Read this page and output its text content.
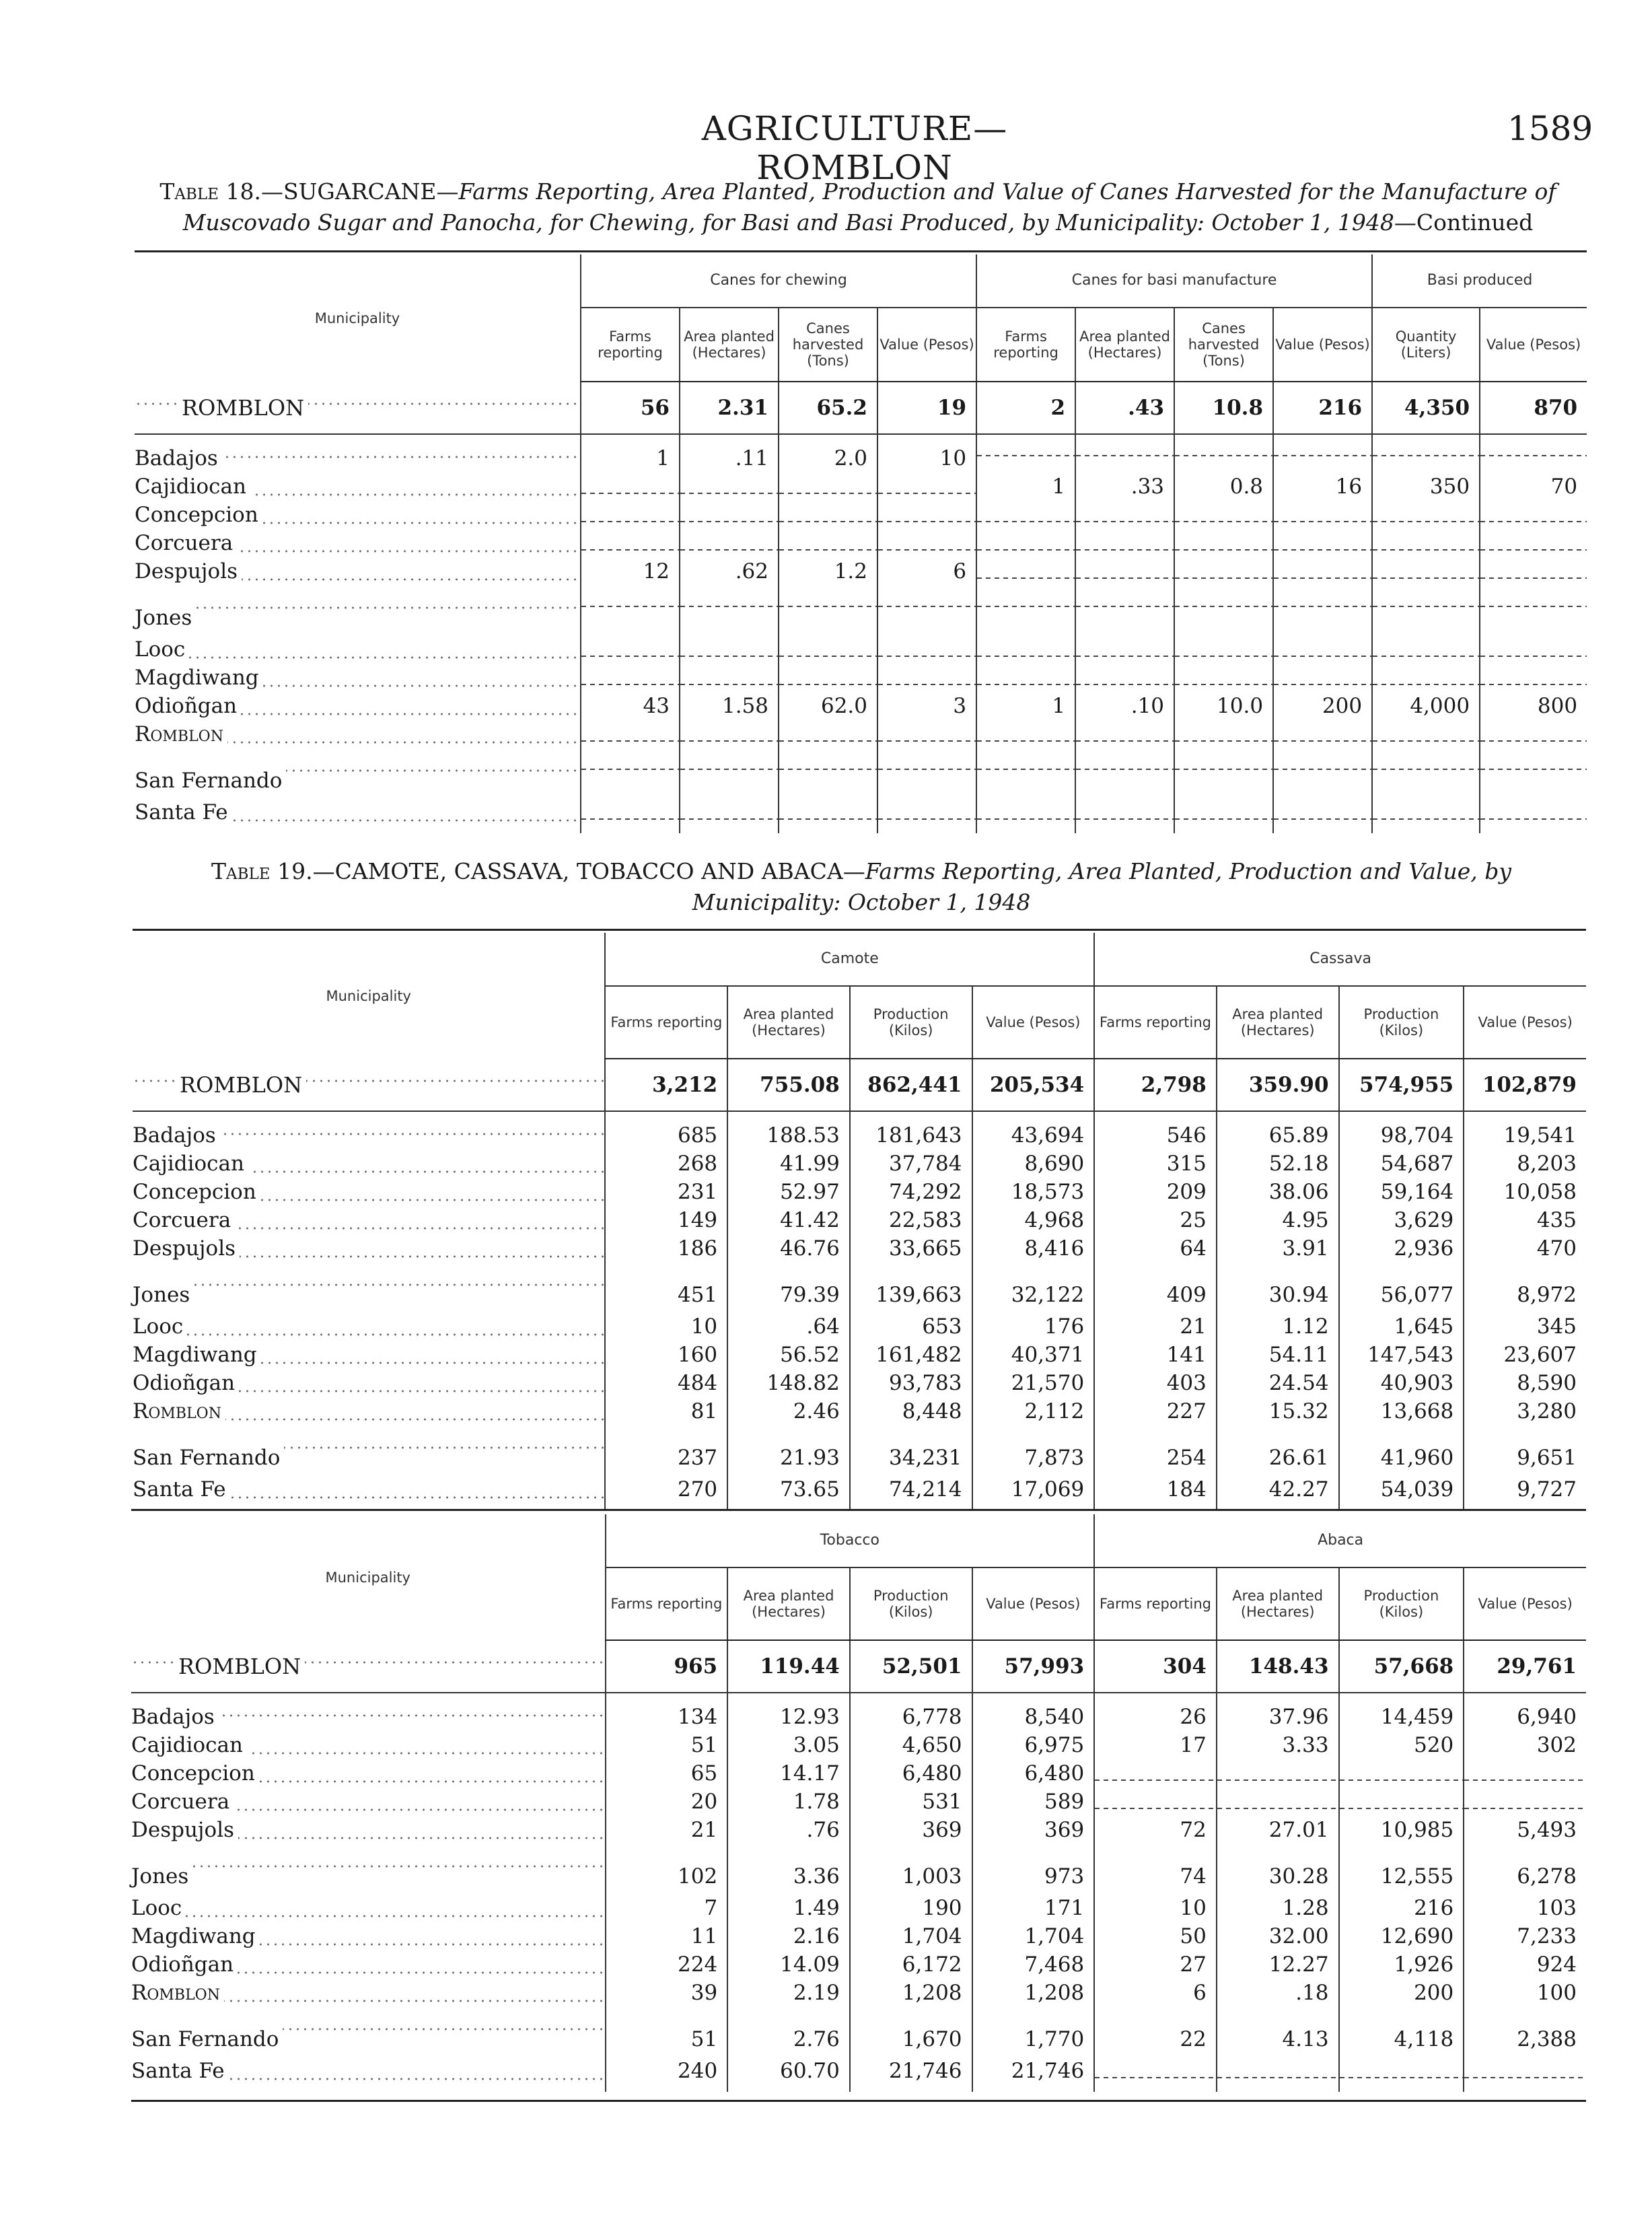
AGRICULTURE—ROMBLON
1589
Table 18.—SUGARCANE—Farms Reporting, Area Planted, Production and Value of Canes Harvested for the Manufacture of Muscovado Sugar and Panocha, for Chewing, for Basi and Basi Produced, by Municipality: October 1, 1948—Continued
Municipality	Canes for chewing				Canes for basi manufacture				Basi produced	
	Farms reporting	Area planted (Hectares)	Canes harvested (Tons)	Value (Pesos)	Farms reporting	Area planted (Hectares)	Canes harvested (Tons)	Value (Pesos)	Quantity (Liters)	Value (Pesos)
ROMBLON	56	2.31	65.2	19	2	.43	10.8	216	4,350	870
Badajos	1	.11	2.0	10						
Cajidiocan					1	.33	0.8	16	350	70
Concepcion										
Corcuera										
Despujols	12	.62	1.2	6						
Jones										
Looc										
Magdiwang										
Odioñgan	43	1.58	62.0	3	1	.10	10.0	200	4,000	800
Romblon										
San Fernando										
Santa Fe										
Table 19.—CAMOTE, CASSAVA, TOBACCO AND ABACA—Farms Reporting, Area Planted, Production and Value, by Municipality: October 1, 1948
Municipality	Camote				Cassava			
	Farms reporting	Area planted (Hectares)	Production (Kilos)	Value (Pesos)	Farms reporting	Area planted (Hectares)	Production (Kilos)	Value (Pesos)
ROMBLON	3,212	755.08	862,441	205,534	2,798	359.90	574,955	102,879
Badajos	685	188.53	181,643	43,694	546	65.89	98,704	19,541
Cajidiocan	268	41.99	37,784	8,690	315	52.18	54,687	8,203
Concepcion	231	52.97	74,292	18,573	209	38.06	59,164	10,058
Corcuera	149	41.42	22,583	4,968	25	4.95	3,629	435
Despujols	186	46.76	33,665	8,416	64	3.91	2,936	470
Jones	451	79.39	139,663	32,122	409	30.94	56,077	8,972
Looc	10	.64	653	176	21	1.12	1,645	345
Magdiwang	160	56.52	161,482	40,371	141	54.11	147,543	23,607
Odioñgan	484	148.82	93,783	21,570	403	24.54	40,903	8,590
Romblon	81	2.46	8,448	2,112	227	15.32	13,668	3,280
San Fernando	237	21.93	34,231	7,873	254	26.61	41,960	9,651
Santa Fe	270	73.65	74,214	17,069	184	42.27	54,039	9,727
Municipality	Tobacco				Abaca			
	Farms reporting	Area planted (Hectares)	Production (Kilos)	Value (Pesos)	Farms reporting	Area planted (Hectares)	Production (Kilos)	Value (Pesos)
ROMBLON	965	119.44	52,501	57,993	304	148.43	57,668	29,761
Badajos	134	12.93	6,778	8,540	26	37.96	14,459	6,940
Cajidiocan	51	3.05	4,650	6,975	17	3.33	520	302
Concepcion	65	14.17	6,480	6,480				
Corcuera	20	1.78	531	589				
Despujols	21	.76	369	369	72	27.01	10,985	5,493
Jones	102	3.36	1,003	973	74	30.28	12,555	6,278
Looc	7	1.49	190	171	10	1.28	216	103
Magdiwang	11	2.16	1,704	1,704	50	32.00	12,690	7,233
Odioñgan	224	14.09	6,172	7,468	27	12.27	1,926	924
Romblon	39	2.19	1,208	1,208	6	.18	200	100
San Fernando	51	2.76	1,670	1,770	22	4.13	4,118	2,388
Santa Fe	240	60.70	21,746	21,746				
